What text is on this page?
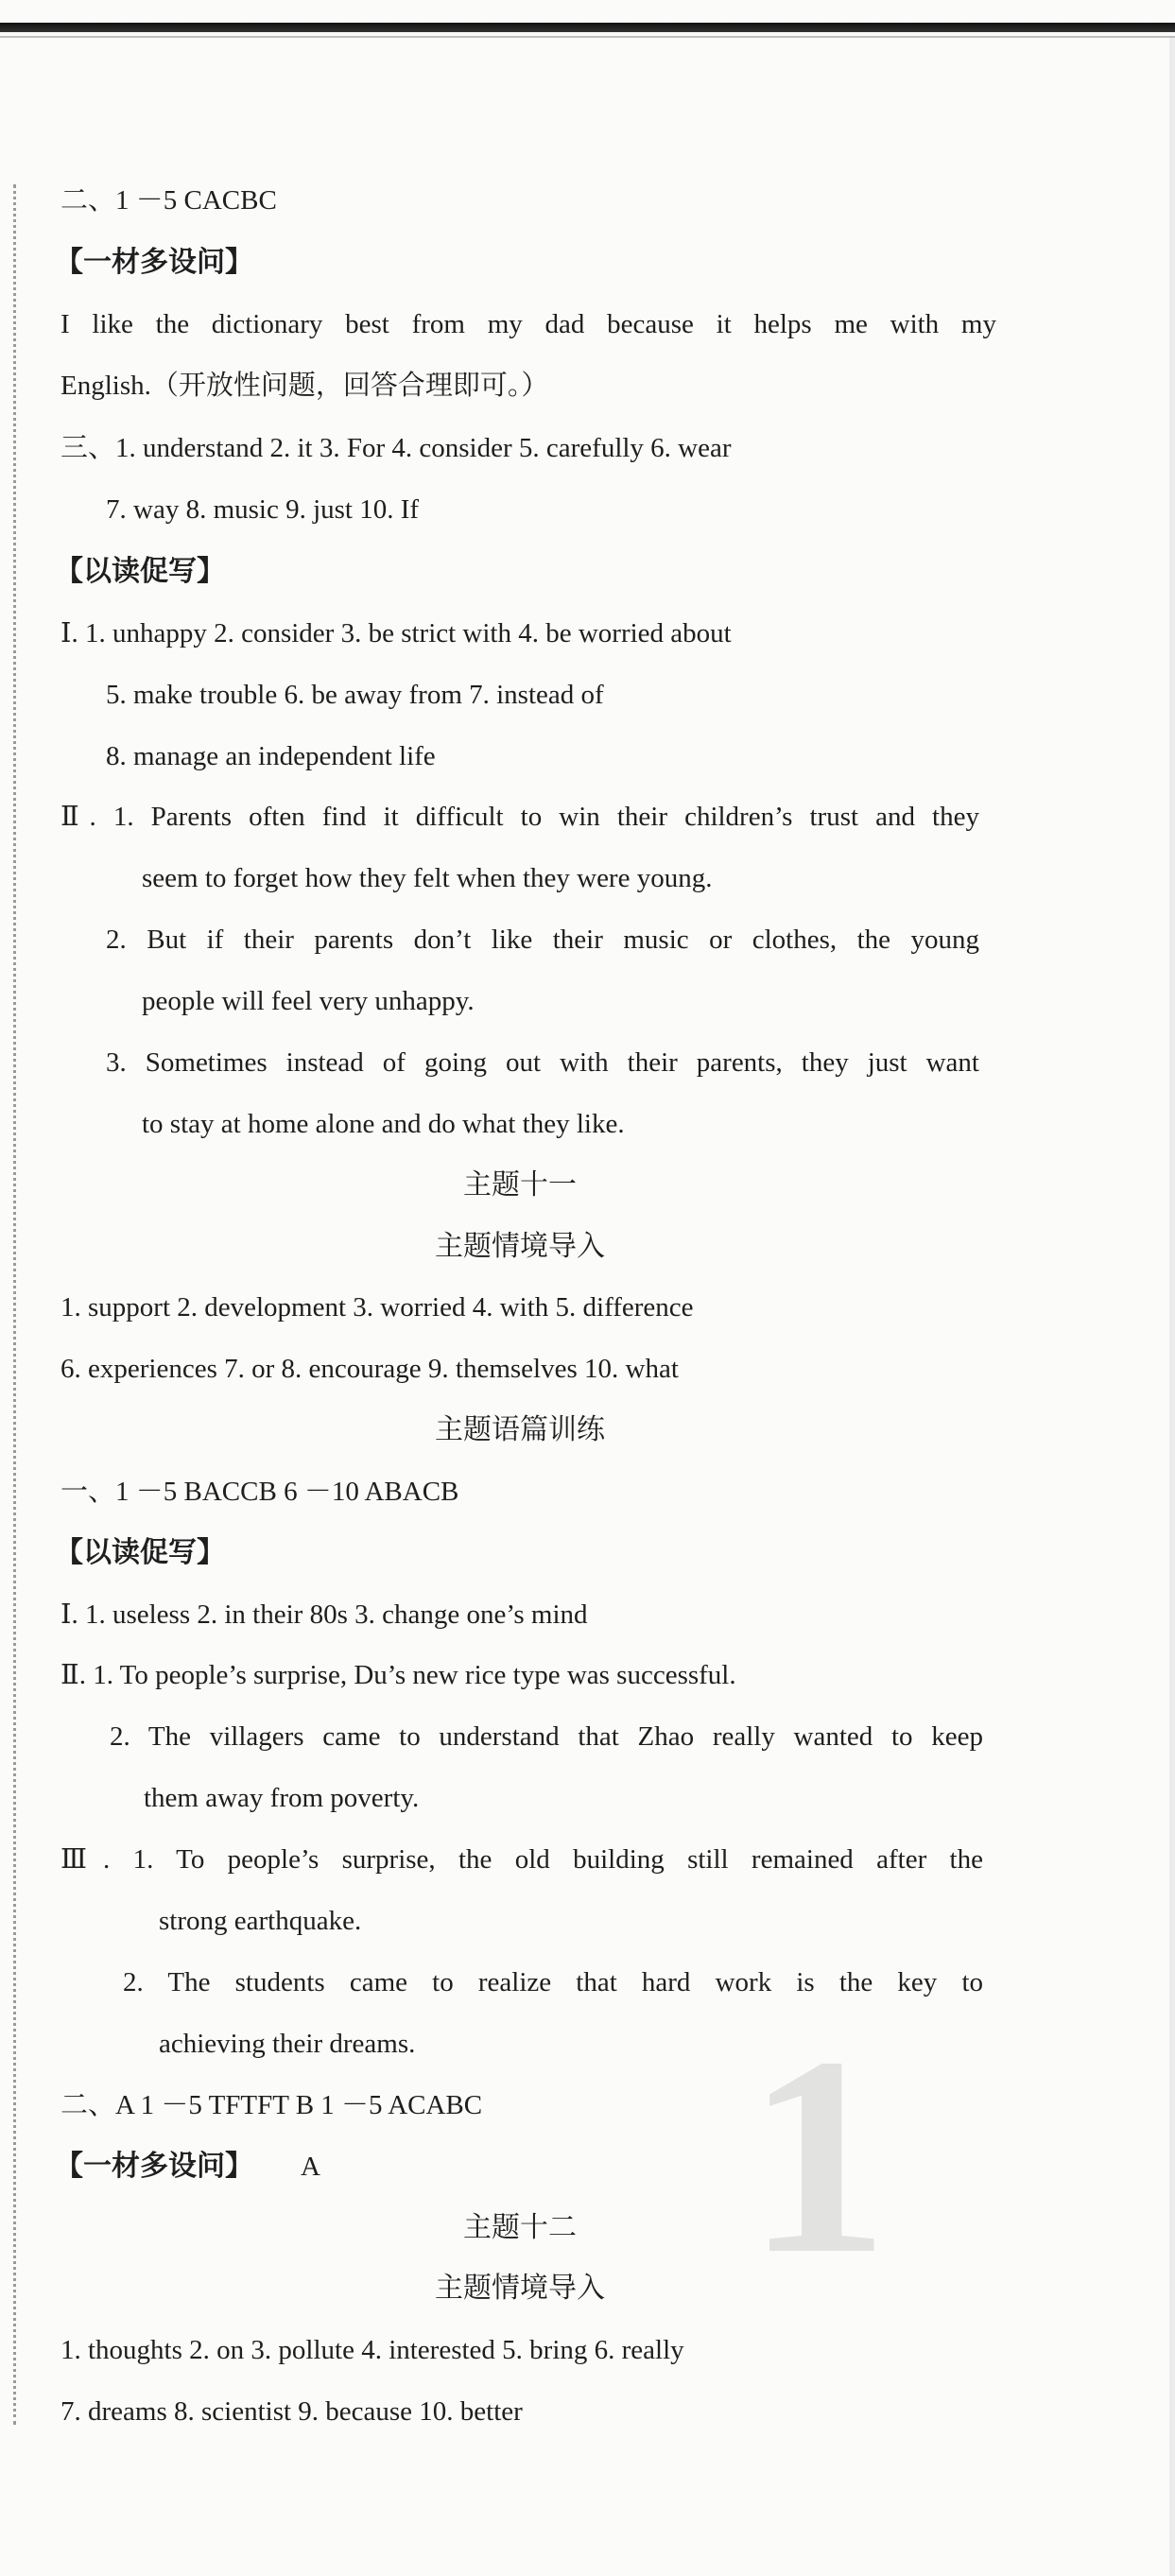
1
二、1 －5 CACBC
【一材多设问】
I like the dictionary best from my dad because it helps me with my
English.（开放性问题，回答合理即可。）
三、1. understand 2. it 3. For 4. consider 5. carefully 6. wear
7. way 8. music 9. just 10. If
【以读促写】
Ⅰ. 1. unhappy 2. consider 3. be strict with 4. be worried about
5. make trouble 6. be away from 7. instead of
8. manage an independent life
Ⅱ. 1. Parents often find it difficult to win their children’s trust and they
seem to forget how they felt when they were young.
2. But if their parents don’t like their music or clothes, the young
people will feel very unhappy.
3. Sometimes instead of going out with their parents, they just want
to stay at home alone and do what they like.
主题十一
主题情境导入
1. support 2. development 3. worried 4. with 5. difference
6. experiences 7. or 8. encourage 9. themselves 10. what
主题语篇训练
一、1 －5 BACCB 6 －10 ABACB
【以读促写】
Ⅰ. 1. useless 2. in their 80s 3. change one’s mind
Ⅱ. 1. To people’s surprise, Du’s new rice type was successful.
2. The villagers came to understand that Zhao really wanted to keep
them away from poverty.
Ⅲ. 1. To people’s surprise, the old building still remained after the
strong earthquake.
2. The students came to realize that hard work is the key to
achieving their dreams.
二、A 1 －5 TFTFT B 1 －5 ACABC
【一材多设问】 A
主题十二
主题情境导入
1. thoughts 2. on 3. pollute 4. interested 5. bring 6. really
7. dreams 8. scientist 9. because 10. better
